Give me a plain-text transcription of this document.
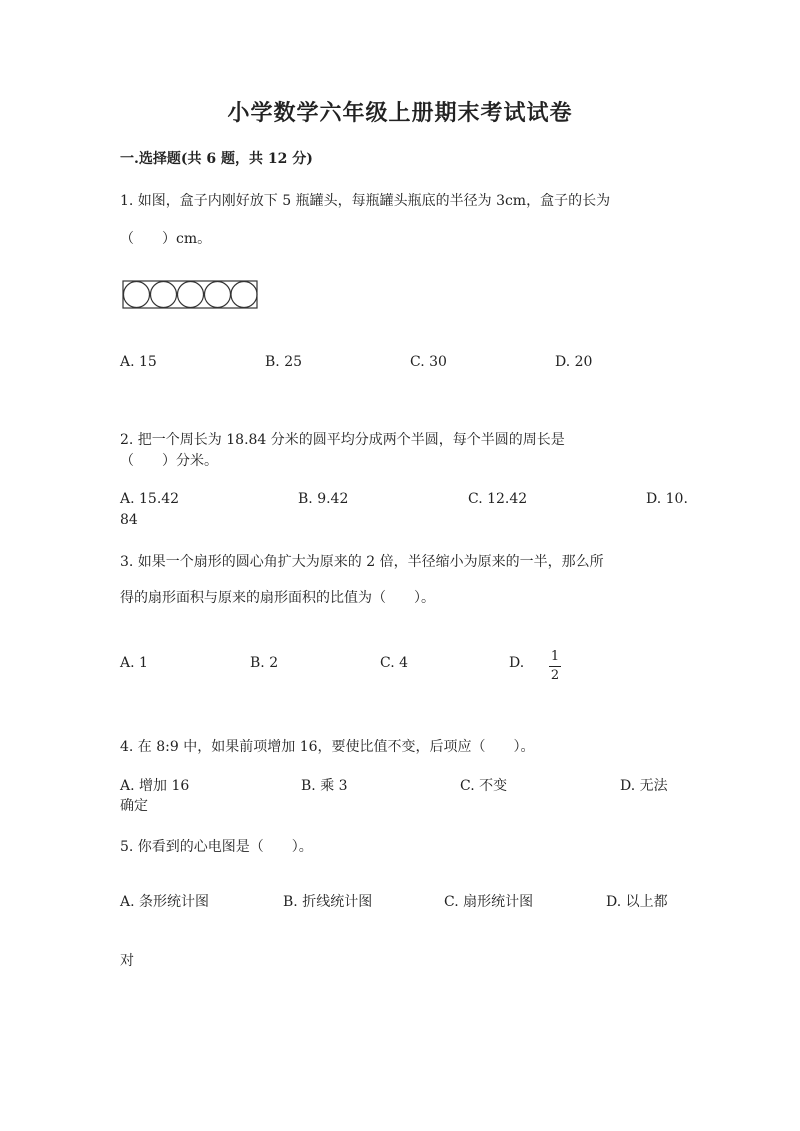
小学数学六年级上册期末考试试卷
一.选择题(共 6 题，共 12 分)
1. 如图，盒子内刚好放下 5 瓶罐头，每瓶罐头瓶底的半径为 3cm，盒子的长为
（　　）cm。
A. 15	B. 25	C. 30	D. 20
2. 把一个周长为 18.84 分米的圆平均分成两个半圆，每个半圆的周长是
（　　）分米。
A. 15.42	B. 9.42	C. 12.42	D. 10.
84
3. 如果一个扇形的圆心角扩大为原来的 2 倍，半径缩小为原来的一半，那么所
得的扇形面积与原来的扇形面积的比值为（　　）。
A. 1	B. 2	C. 4	D. 1
2
4. 在 8:9 中，如果前项增加 16，要使比值不变，后项应（　　）。
A. 增加 16	B. 乘 3	C. 不变	D. 无法
确定
5. 你看到的心电图是（　　）。
A. 条形统计图	B. 折线统计图	C. 扇形统计图	D. 以上都
对
